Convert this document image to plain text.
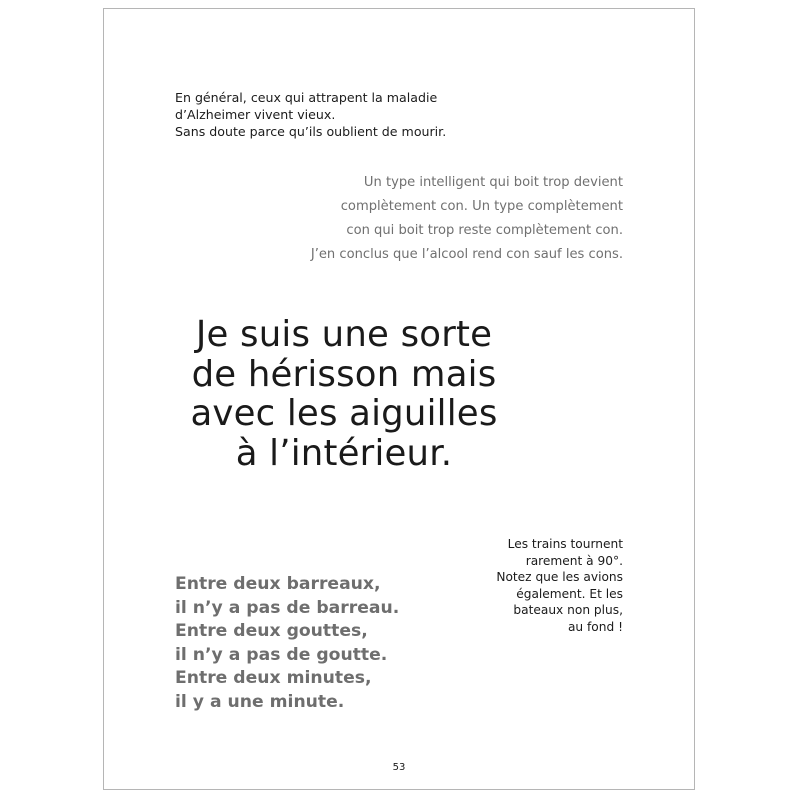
En général, ceux qui attrapent la maladie
d’Alzheimer vivent vieux.
Sans doute parce qu’ils oublient de mourir.
Un type intelligent qui boit trop devient
complètement con. Un type complètement
con qui boit trop reste complètement con.
J’en conclus que l’alcool rend con sauf les cons.
Je suis une sorte
de hérisson mais
avec les aiguilles
à l’intérieur.
Les trains tournent
rarement à 90°.
Notez que les avions
également. Et les
bateaux non plus,
au fond !
Entre deux barreaux,
il n’y a pas de barreau.
Entre deux gouttes,
il n’y a pas de goutte.
Entre deux minutes,
il y a une minute.
53
